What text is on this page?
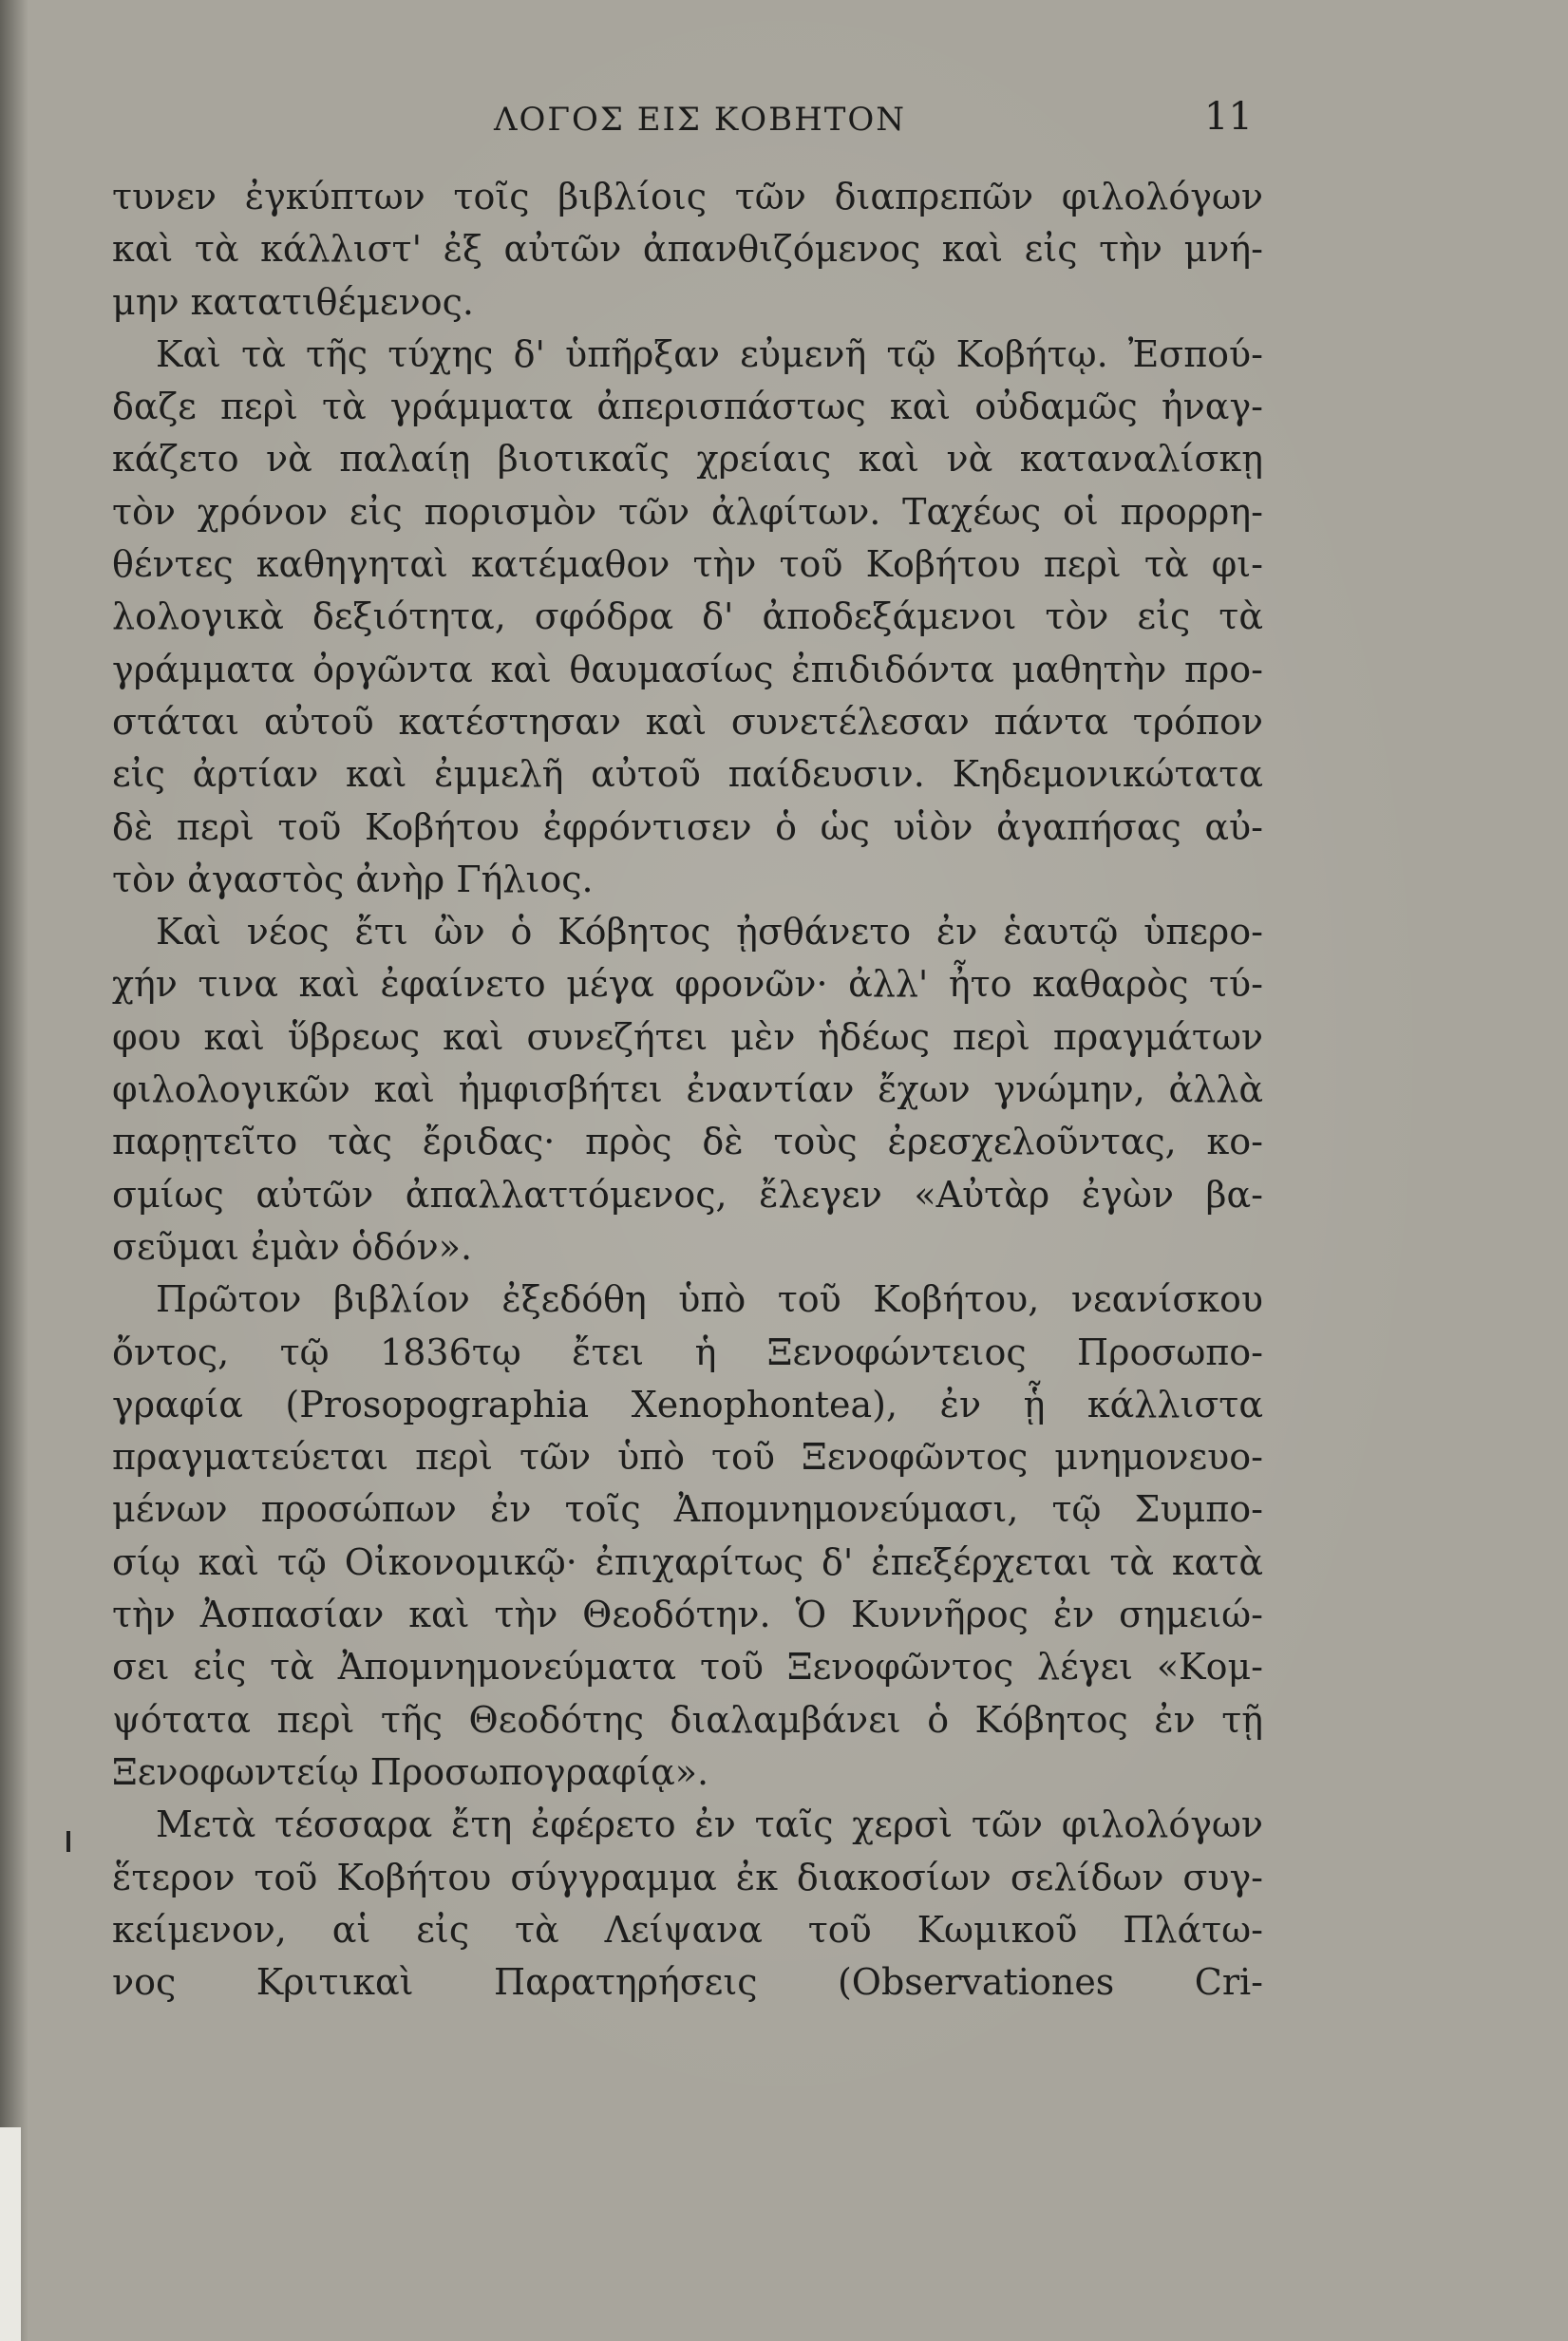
ΛΟΓΟΣ ΕΙΣ ΚΟΒΗΤΟΝ	11
τυνεν ἐγκύπτων τοῖς βιβλίοις τῶν διαπρεπῶν φιλολόγων
καὶ τὰ κάλλιστ' ἐξ αὐτῶν ἀπανθιζόμενος καὶ εἰς τὴν μνή-
μην κατατιθέμενος.
Καὶ τὰ τῆς τύχης δ' ὑπῆρξαν εὐμενῆ τῷ Κοβήτῳ. Ἐσπού-
δαζε περὶ τὰ γράμματα ἀπερισπάστως καὶ οὐδαμῶς ἠναγ-
κάζετο νὰ παλαίῃ βιοτικαῖς χρείαις καὶ νὰ καταναλίσκῃ
τὸν χρόνον εἰς πορισμὸν τῶν ἀλφίτων. Ταχέως οἱ προρρη-
θέντες καθηγηταὶ κατέμαθον τὴν τοῦ Κοβήτου περὶ τὰ φι-
λολογικὰ δεξιότητα, σφόδρα δ' ἀποδεξάμενοι τὸν εἰς τὰ
γράμματα ὀργῶντα καὶ θαυμασίως ἐπιδιδόντα μαθητὴν προ-
στάται αὐτοῦ κατέστησαν καὶ συνετέλεσαν πάντα τρόπον
εἰς ἀρτίαν καὶ ἐμμελῆ αὐτοῦ παίδευσιν. Κηδεμονικώτατα
δὲ περὶ τοῦ Κοβήτου ἐφρόντισεν ὁ ὡς υἱὸν ἀγαπήσας αὐ-
τὸν ἀγαστὸς ἀνὴρ Γήλιος.
Καὶ νέος ἔτι ὢν ὁ Κόβητος ᾐσθάνετο ἐν ἑαυτῷ ὑπερο-
χήν τινα καὶ ἐφαίνετο μέγα φρονῶν· ἀλλ' ἦτο καθαρὸς τύ-
φου καὶ ὕβρεως καὶ συνεζήτει μὲν ἡδέως περὶ πραγμάτων
φιλολογικῶν καὶ ἠμφισβήτει ἐναντίαν ἔχων γνώμην, ἀλλὰ
παρῃτεῖτο τὰς ἔριδας· πρὸς δὲ τοὺς ἐρεσχελοῦντας, κο-
σμίως αὐτῶν ἀπαλλαττόμενος, ἔλεγεν «Αὐτὰρ ἐγὼν βα-
σεῦμαι ἐμὰν ὁδόν».
Πρῶτον βιβλίον ἐξεδόθη ὑπὸ τοῦ Κοβήτου, νεανίσκου
ὄντος, τῷ 1836τῳ ἔτει ἡ Ξενοφώντειος Προσωπο-
γραφία (Prosopographia Xenophontea), ἐν ᾗ κάλλιστα
πραγματεύεται περὶ τῶν ὑπὸ τοῦ Ξενοφῶντος μνημονευο-
μένων προσώπων ἐν τοῖς Ἀπομνημονεύμασι, τῷ Συμπο-
σίῳ καὶ τῷ Οἰκονομικῷ· ἐπιχαρίτως δ' ἐπεξέρχεται τὰ κατὰ
τὴν Ἀσπασίαν καὶ τὴν Θεοδότην. Ὁ Κυννῆρος ἐν σημειώ-
σει εἰς τὰ Ἀπομνημονεύματα τοῦ Ξενοφῶντος λέγει «Κομ-
ψότατα περὶ τῆς Θεοδότης διαλαμβάνει ὁ Κόβητος ἐν τῇ
Ξενοφωντείῳ Προσωπογραφίᾳ».
Μετὰ τέσσαρα ἔτη ἐφέρετο ἐν ταῖς χερσὶ τῶν φιλολόγων
ἕτερον τοῦ Κοβήτου σύγγραμμα ἐκ διακοσίων σελίδων συγ-
κείμενον, αἱ εἰς τὰ Λείψανα τοῦ Κωμικοῦ Πλάτω-
νος Κριτικαὶ Παρατηρήσεις (Observationes Cri-
